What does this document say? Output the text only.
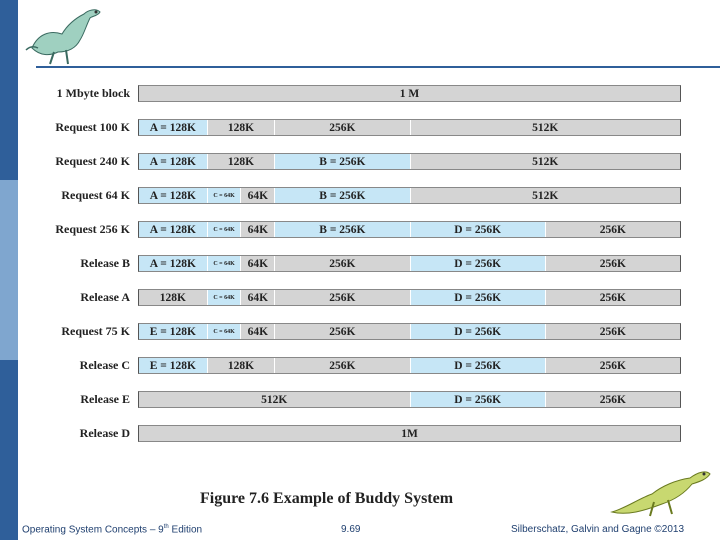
1 Mbyte block	1 M
Request 100 K	A = 128K	128K	256K	512K
Request 240 K	A = 128K	128K	B = 256K	512K
Request 64 K	A = 128K	C = 64K	64K	B = 256K	512K
Request 256 K	A = 128K	C = 64K	64K	B = 256K	D = 256K	256K
Release B	A = 128K	C = 64K	64K	256K	D = 256K	256K
Release A	128K	C = 64K	64K	256K	D = 256K	256K
Request 75 K	E = 128K	C = 64K	64K	256K	D = 256K	256K
Release C	E = 128K	128K	256K	D = 256K	256K
Release E	512K	D = 256K	256K
Release D	1M
Figure 7.6 Example of Buddy System
Operating System Concepts – 9th Edition	9.69	Silberschatz, Galvin and Gagne ©2013
